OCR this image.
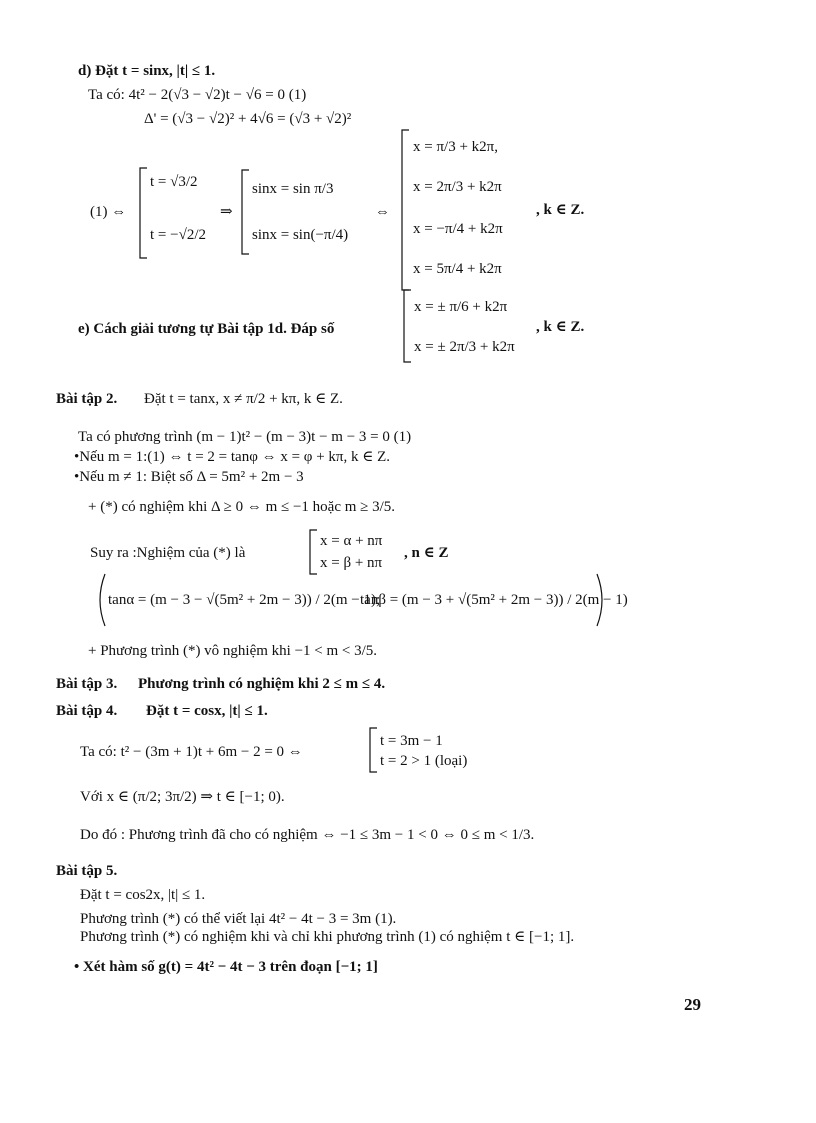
d) Đặt t = sinx, |t| ≤ 1.
Ta có: 4t² − 2(√3 − √2)t − √6 = 0 (1)
Δ' = (√3 − √2)² + 4√6 = (√3 + √2)²
(1) ⇔
t = √3/2
t = −√2/2
⇒
sinx = sin π/3
sinx = sin(−π/4)
⇔
x = π/3 + k2π,
x = 2π/3 + k2π
x = −π/4 + k2π
x = 5π/4 + k2π
, k ∈ Z.
e) Cách giải tương tự Bài tập 1d. Đáp số
x = ± π/6 + k2π
x = ± 2π/3 + k2π
, k ∈ Z.
Bài tập 2. Đặt t = tanx, x ≠ π/2 + kπ, k ∈ Z.
Ta có phương trình (m − 1)t² − (m − 3)t − m − 3 = 0 (1)
•Nếu m = 1:(1) ⇔ t = 2 = tanφ ⇔ x = φ + kπ, k ∈ Z.
•Nếu m ≠ 1: Biệt số Δ = 5m² + 2m − 3
+ (*) có nghiệm khi Δ ≥ 0 ⇔ m ≤ −1 hoặc m ≥ 3/5.
Suy ra :Nghiệm của (*) là
x = α + nπ
x = β + nπ
, n ∈ Z
tanα = (m − 3 − √(5m² + 2m − 3)) / 2(m − 1);
tanβ = (m − 3 + √(5m² + 2m − 3)) / 2(m − 1)
+ Phương trình (*) vô nghiệm khi −1 < m < 3/5.
Bài tập 3. Phương trình có nghiệm khi 2 ≤ m ≤ 4.
Bài tập 4. Đặt t = cosx, |t| ≤ 1.
Ta có: t² − (3m + 1)t + 6m − 2 = 0 ⇔
t = 3m − 1
t = 2 > 1 (loại)
Với x ∈ (π/2; 3π/2) ⇒ t ∈ [−1; 0).
Do đó : Phương trình đã cho có nghiệm ⇔ −1 ≤ 3m − 1 < 0 ⇔ 0 ≤ m < 1/3.
Bài tập 5.
Đặt t = cos2x, |t| ≤ 1.
Phương trình (*) có thể viết lại 4t² − 4t − 3 = 3m (1).
Phương trình (*) có nghiệm khi và chỉ khi phương trình (1) có nghiệm t ∈ [−1; 1].
• Xét hàm số g(t) = 4t² − 4t − 3 trên đoạn [−1; 1]
29
